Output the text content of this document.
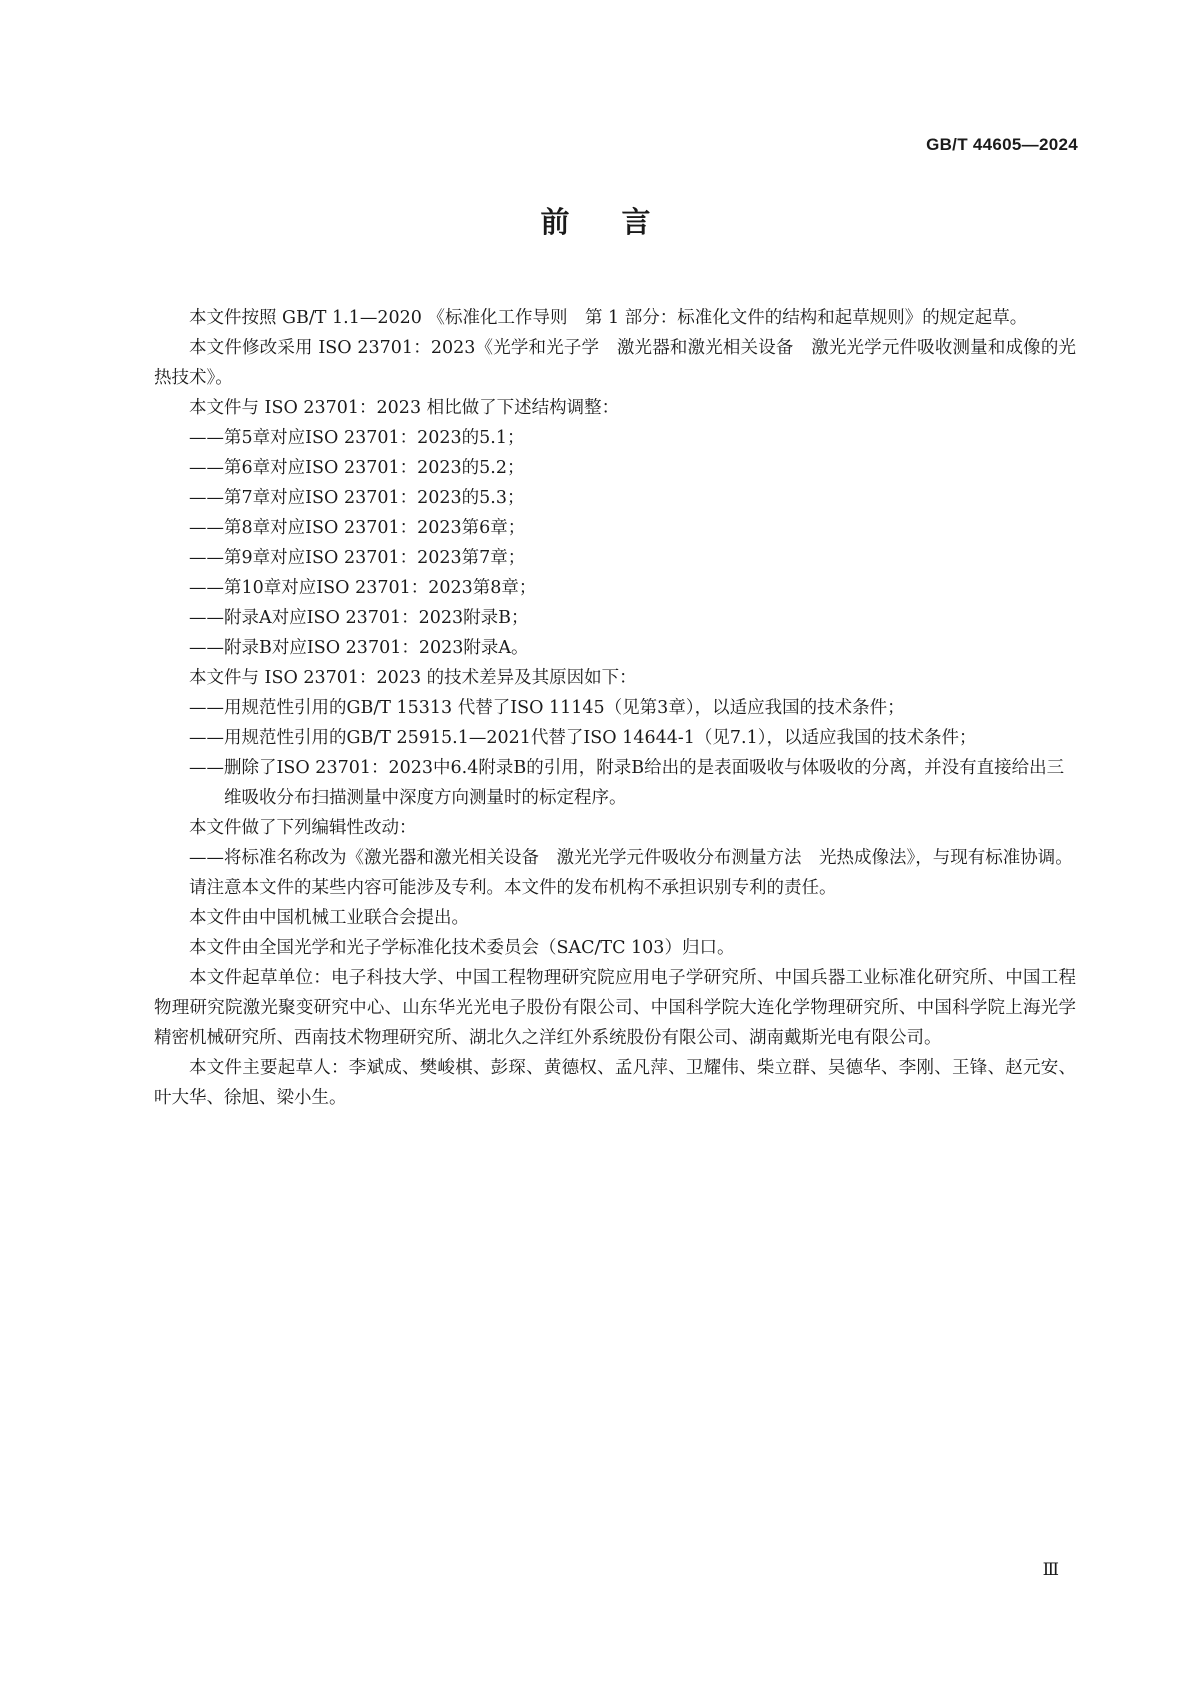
GB/T 44605—2024
前言

本文件按照 GB/T 1.1—2020 《标准化工作导则　第 1 部分：标准化文件的结构和起草规则》的规定起草。

本文件修改采用 ISO 23701：2023《光学和光子学　激光器和激光相关设备　激光光学元件吸收测量和成像的光热技术》。

本文件与 ISO 23701：2023 相比做了下述结构调整：

——第5章对应ISO 23701：2023的5.1；

——第6章对应ISO 23701：2023的5.2；

——第7章对应ISO 23701：2023的5.3；

——第8章对应ISO 23701：2023第6章；

——第9章对应ISO 23701：2023第7章；

——第10章对应ISO 23701：2023第8章；

——附录A对应ISO 23701：2023附录B；

——附录B对应ISO 23701：2023附录A。

本文件与 ISO 23701：2023 的技术差异及其原因如下：

——用规范性引用的GB/T 15313 代替了ISO 11145（见第3章），以适应我国的技术条件；

——用规范性引用的GB/T 25915.1—2021代替了ISO 14644-1（见7.1），以适应我国的技术条件；

——删除了ISO 23701：2023中6.4附录B的引用，附录B给出的是表面吸收与体吸收的分离，并没有直接给出三维吸收分布扫描测量中深度方向测量时的标定程序。

本文件做了下列编辑性改动：

——将标准名称改为《激光器和激光相关设备　激光光学元件吸收分布测量方法　光热成像法》，与现有标准协调。

请注意本文件的某些内容可能涉及专利。本文件的发布机构不承担识别专利的责任。

本文件由中国机械工业联合会提出。

本文件由全国光学和光子学标准化技术委员会（SAC/TC 103）归口。

本文件起草单位：电子科技大学、中国工程物理研究院应用电子学研究所、中国兵器工业标准化研究所、中国工程物理研究院激光聚变研究中心、山东华光光电子股份有限公司、中国科学院大连化学物理研究所、中国科学院上海光学精密机械研究所、西南技术物理研究所、湖北久之洋红外系统股份有限公司、湖南戴斯光电有限公司。

本文件主要起草人：李斌成、樊峻棋、彭琛、黄德权、孟凡萍、卫耀伟、柴立群、吴德华、李刚、王锋、赵元安、叶大华、徐旭、梁小生。

Ⅲ
